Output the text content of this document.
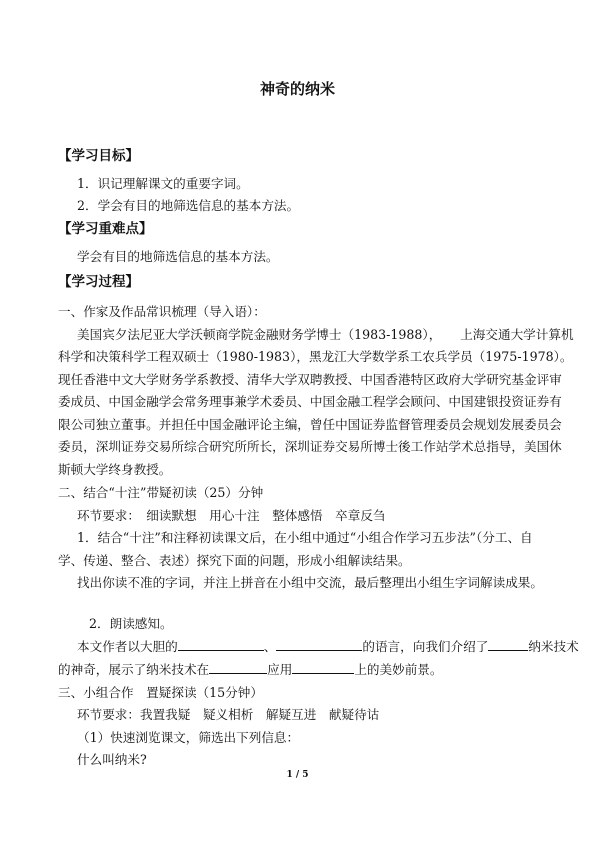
神奇的纳米
【学习目标】
1．识记理解课文的重要字词。
2．学会有目的地筛选信息的基本方法。
【学习重难点】
学会有目的地筛选信息的基本方法。
【学习过程】
一、作家及作品常识梳理（导入语）：
美国宾夕法尼亚大学沃顿商学院金融财务学博士（1983-1988），　　上海交通大学计算机
科学和决策科学工程双硕士（1980-1983），黑龙江大学数学系工农兵学员（1975-1978）。
现任香港中文大学财务学系教授、清华大学双聘教授、中国香港特区政府大学研究基金评审
委成员、中国金融学会常务理事兼学术委员、中国金融工程学会顾问、中国建银投资证券有
限公司独立董事。并担任中国金融评论主编，曾任中国证券监督管理委员会规划发展委员会
委员，深圳证券交易所综合研究所所长，深圳证券交易所博士後工作站学术总指导，美国休
斯顿大学终身教授。
二、结合“十注”带疑初读（25）分钟
环节要求：　细读默想　用心十注　整体感悟　卒章反刍
1．结合“十注”和注释初读课文后，在小组中通过“小组合作学习五步法”（分工、自
学、传递、整合、表述）探究下面的问题，形成小组解读结果。
找出你读不准的字词，并注上拼音在小组中交流，最后整理出小组生字词解读成果。
2．朗读感知。
本文作者以大胆的	、	的语言，向我们介绍了	纳米技术
的神奇，展示了纳米技术在	应用	上的美妙前景。
三、小组合作　置疑探读（15分钟）
环节要求：我置我疑　疑义相析　解疑互进　献疑待诂
（1）快速浏览课文，筛选出下列信息：
什么叫纳米?
1 / 5
